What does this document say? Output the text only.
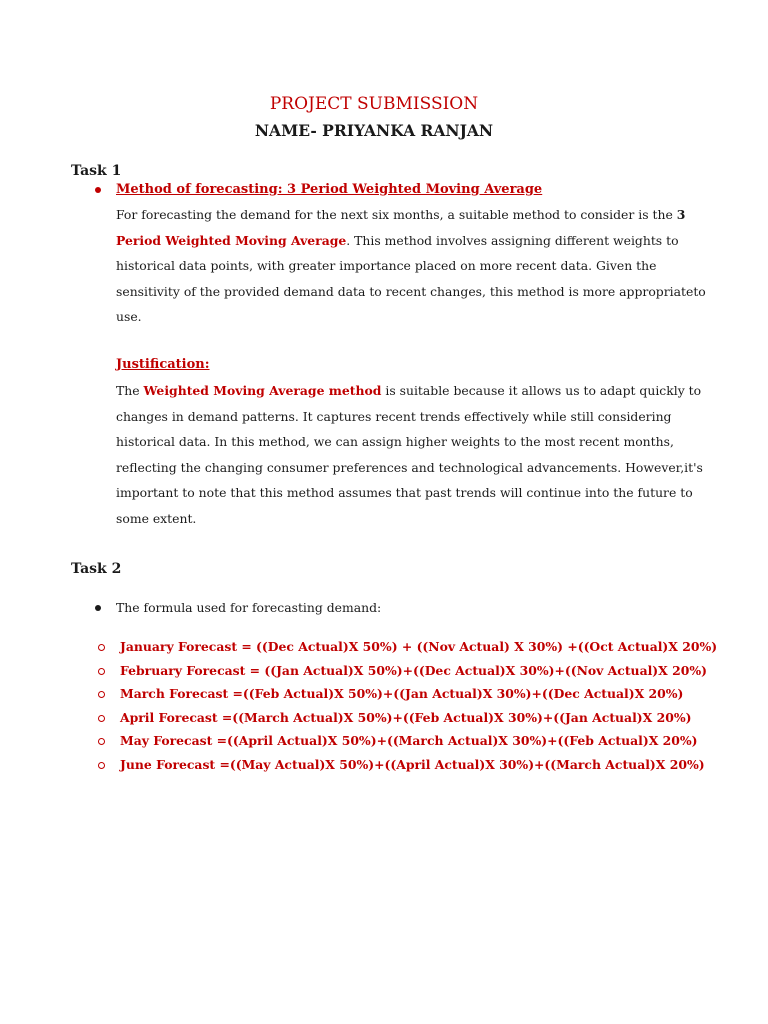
PROJECT SUBMISSION
NAME- PRIYANKA RANJAN
Task 1
Method of forecasting: 3 Period Weighted Moving Average
For forecasting the demand for the next six months, a suitable method to consider is the 3
Period Weighted Moving Average. This method involves assigning different weights to
historical data points, with greater importance placed on more recent data. Given the
sensitivity of the provided demand data to recent changes, this method is more appropriateto
use.
Justification:
The Weighted Moving Average method is suitable because it allows us to adapt quickly to
changes in demand patterns. It captures recent trends effectively while still considering
historical data. In this method, we can assign higher weights to the most recent months,
reflecting the changing consumer preferences and technological advancements. However,it's
important to note that this method assumes that past trends will continue into the future to
some extent.
Task 2
The formula used for forecasting demand:
January Forecast = ((Dec Actual)X 50%) + ((Nov Actual) X 30%) +((Oct Actual)X 20%)
February Forecast = ((Jan Actual)X 50%)+((Dec Actual)X 30%)+((Nov Actual)X 20%)
March Forecast =((Feb Actual)X 50%)+((Jan Actual)X 30%)+((Dec Actual)X 20%)
April Forecast =((March Actual)X 50%)+((Feb Actual)X 30%)+((Jan Actual)X 20%)
May Forecast =((April Actual)X 50%)+((March Actual)X 30%)+((Feb Actual)X 20%)
June Forecast =((May Actual)X 50%)+((April Actual)X 30%)+((March Actual)X 20%)
